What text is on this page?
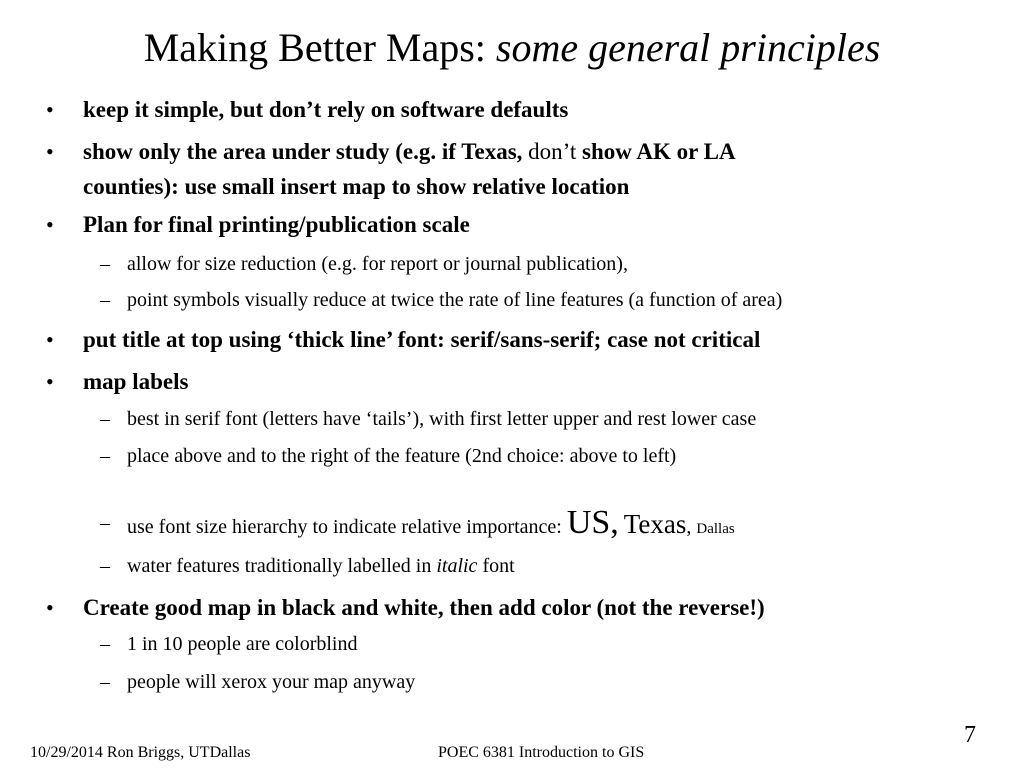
Making Better Maps: some general principles
• keep it simple, but don’t rely on software defaults
• show only the area under study (e.g. if Texas, don’t show AK or LA
counties): use small insert map to show relative location
• Plan for final printing/publication scale
– allow for size reduction (e.g. for report or journal publication),
– point symbols visually reduce at twice the rate of line features (a function of area)
• put title at top using ‘thick line’ font: serif/sans-serif; case not critical
• map labels
– best in serif font (letters have ‘tails’), with first letter upper and rest lower case
– place above and to the right of the feature (2nd choice: above to left)
– use font size hierarchy to indicate relative importance: US, Texas, Dallas
– water features traditionally labelled in italic font
• Create good map in black and white, then add color (not the reverse!)
– 1 in 10 people are colorblind
– people will xerox your map anyway
10/29/2014 Ron Briggs, UTDallas	POEC 6381 Introduction to GIS
7
